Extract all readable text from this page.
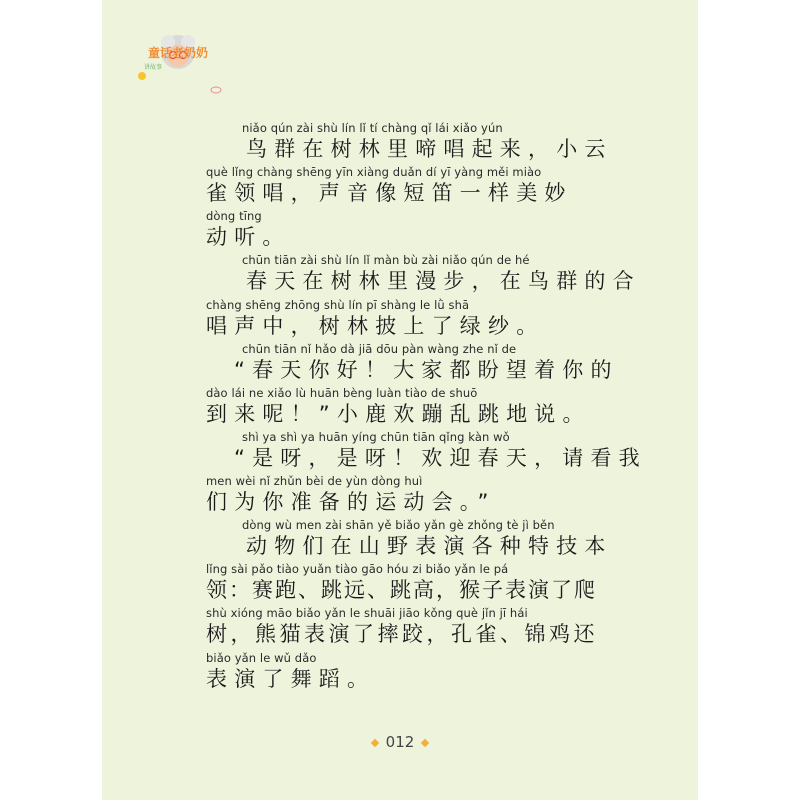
童话老奶奶
讲故事
niǎo qún zài shù lín lǐ tí chàng qǐ lái xiǎo yún
鸟群在树林里啼唱起来，小云
què lǐng chàng shēng yīn xiàng duǎn dí yī yàng měi miào
雀领唱，声音像短笛一样美妙
dòng tīng
动听。
chūn tiān zài shù lín lǐ màn bù zài niǎo qún de hé
春天在树林里漫步，在鸟群的合
chàng shēng zhōng shù lín pī shàng le lǜ shā
唱声中，树林披上了绿纱。
chūn tiān nǐ hǎo dà jiā dōu pàn wàng zhe nǐ de
“春天你好！大家都盼望着你的
dào lái ne xiǎo lù huān bèng luàn tiào de shuō
到来呢！”小鹿欢蹦乱跳地说。
shì ya shì ya huān yíng chūn tiān qǐng kàn wǒ
“是呀，是呀！欢迎春天，请看我
men wèi nǐ zhǔn bèi de yùn dòng huì
们为你准备的运动会。”
dòng wù men zài shān yě biǎo yǎn gè zhǒng tè jì běn
动物们在山野表演各种特技本
lǐng sài pǎo tiào yuǎn tiào gāo hóu zi biǎo yǎn le pá
领：赛跑、跳远、跳高，猴子表演了爬
shù xióng māo biǎo yǎn le shuāi jiāo kǒng què jǐn jī hái
树，熊猫表演了摔跤，孔雀、锦鸡还
biǎo yǎn le wǔ dǎo
表演了舞蹈。
012
